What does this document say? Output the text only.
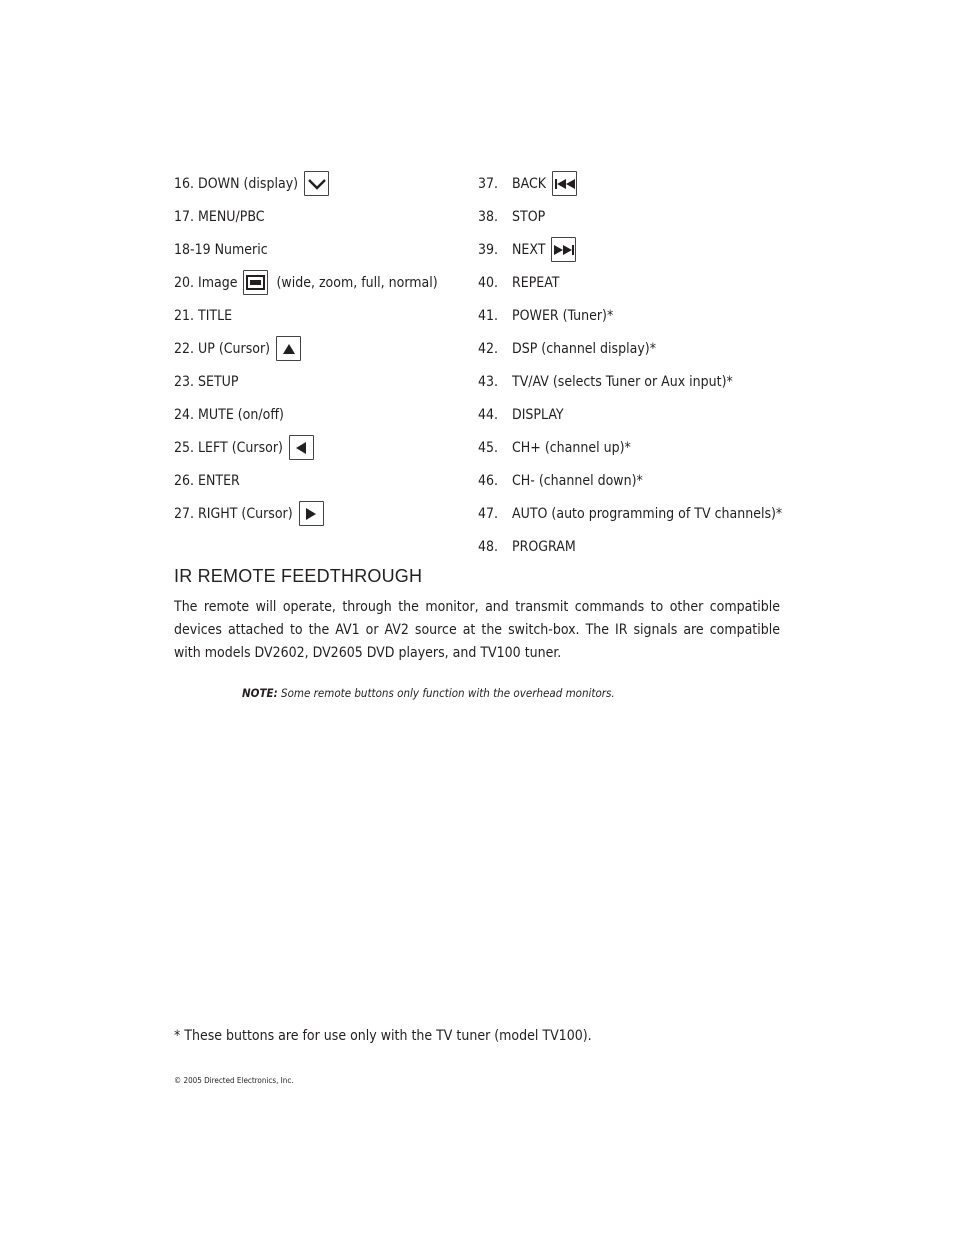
16. DOWN (display)
17. MENU/PBC
18-19 Numeric
20. Image	(wide, zoom, full, normal)
21. TITLE
22. UP (Cursor)
23. SETUP
24. MUTE (on/off)
25. LEFT (Cursor)
26. ENTER
27. RIGHT (Cursor)
37. BACK
38. STOP
39. NEXT
40. REPEAT
41. POWER (Tuner)*
42. DSP (channel display)*
43. TV/AV (selects Tuner or Aux input)*
44. DISPLAY
45. CH+ (channel up)*
46. CH- (channel down)*
47. AUTO (auto programming of TV channels)*
48. PROGRAM
IR REMOTE FEEDTHROUGH

The remote will operate, through the monitor, and transmit commands to other compatible devices attached to the AV1 or AV2 source at the switch-box. The IR signals are compatible with models DV2602, DV2605 DVD players, and TV100 tuner.

NOTE: Some remote buttons only function with the overhead monitors.

* These buttons are for use only with the TV tuner (model TV100).

© 2005 Directed Electronics, Inc.
